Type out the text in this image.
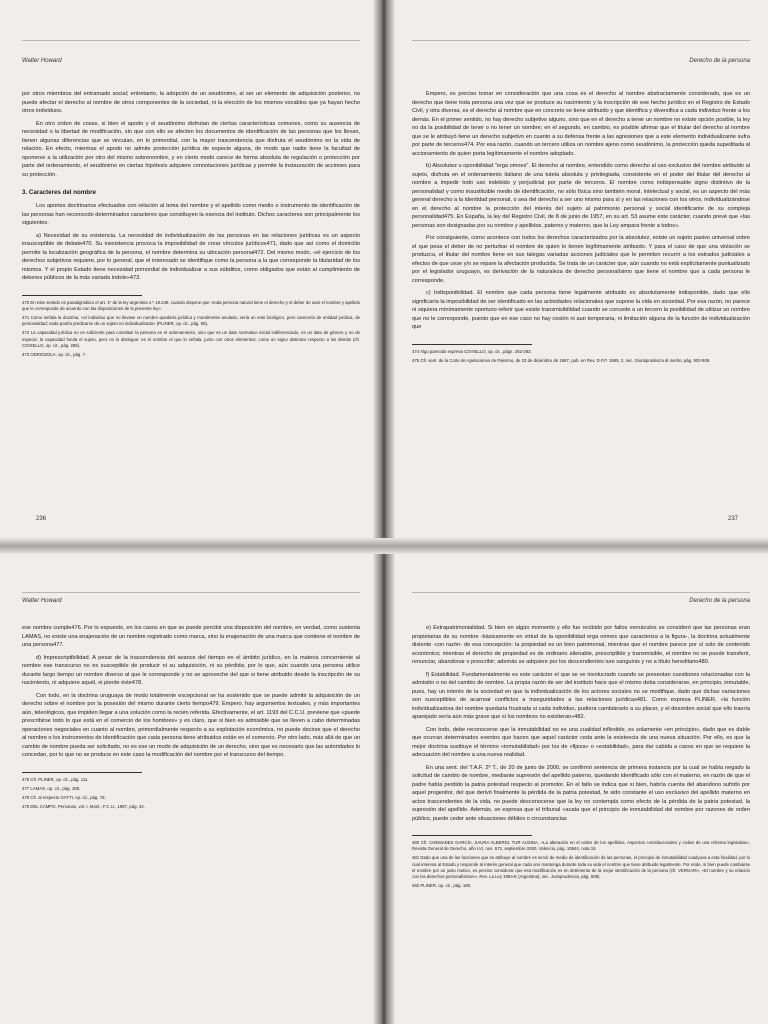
Walter Howard

por otros miembros del entramado social; entretanto, la adopción de un seudónimo, al ser un elemento de adquisición posterior, no puede afectar el derecho al nombre de otros componentes de la sociedad, ni la elección de los mismos vocablos que ya hayan hecho otros individuos.

En otro orden de cosas, si bien el apodo y el seudónimo disfrutan de ciertas características comunes, como su ausencia de necesidad o la libertad de modificación, sin que con ello se afecten los documentos de identificación de las personas que los llevan, tienen algunas diferencias que se vinculan, en lo primordial, con la mayor trascendencia que disfruta el seudónimo en la vida de relación. En efecto, mientras el apodo no admite protección jurídica de especie alguna, de modo que nadie tiene la facultad de oponerse a la utilización por otro del mismo sobrenombre, y en cierto modo carece de forma absoluta de regulación o protección por parte del ordenamiento, el seudónimo en ciertas hipótesis adquiere connotaciones jurídicas y permite la instauración de acciones para su protección.

3. Caracteres del nombre

Los aportes doctrinarios efectuados con relación al tema del nombre y el apellido como medio o instrumento de identificación de las personas han reconocido determinados caracteres que constituyen la esencia del instituto. Dichos caracteres son principalmente los siguientes:

a) Necesidad de su existencia. La necesidad de individualización de las personas en las relaciones jurídicas es un aspecto insusceptible de debate470. Su inexistencia provoca la imposibilidad de crear vínculos jurídicos471, dado que así como el domicilio permite la localización geográfica de la persona, el nombre determina su ubicación personal472. Del mismo modo, «el ejercicio de los derechos subjetivos requiere, por lo general, que el interesado se identifique como la persona a la que corresponde la titularidad de los mismos. Y el propio Estado tiene necesidad primordial de individualizar a sus súbditos, como obligados que están al cumplimiento de deberes públicos de la más variada índole»473.

470 En este sentido es paradigmático el art. 1º de la ley argentina n.º 18.248, cuando dispone que «toda persona natural tiene el derecho y el deber de usar el nombre y apellido que le corresponde de acuerdo con las disposiciones de la presente ley».

471 Como señala la doctrina, «el individuo que no llevase un nombre quedaría jurídica y moralmente anulado; sería un ente biológico, pero carecería de entidad jurídica, de personalidad; nada podría predicarse de un sujeto no individualizado» (PLINER, op. cit., pág. 98).

472 La capacidad jurídica no es suficiente para constituir la persona en el ordenamiento, sino que es un dato normativo inicial indiferenciado, es un dato de género y no de especie; la capacidad funda el sujeto, pero no lo distingue: es el nombre el que lo señala, junto con otros elementos, como un signo distintivo respecto a los demás (cfr. COVIELLO, op. cit., pág. 285).

473 ODRIOZOLA, op. cit., pág. 7.

236
Derecho de la persona

Empero, es preciso tomar en consideración que una cosa es el derecho al nombre abstractamente considerado, que es un derecho que tiene toda persona una vez que se produce su nacimiento y la inscripción de ese hecho jurídico en el Registro de Estado Civil, y otra diversa, es el derecho al nombre que en concreto se tiene atribuido y que identifica y diversifica a cada individuo frente a los demás. En el primer sentido, no hay derecho subjetivo alguno, sino que en el derecho a tener un nombre no existe opción posible, la ley no da la posibilidad de tener o no tener un nombre; en el segundo, en cambio, es posible afirmar que el titular del derecho al nombre que se le atribuyó tiene un derecho subjetivo en cuanto a su defensa frente a las agresiones que a este elemento individualizante sufra por parte de terceros474. Por esa razón, cuando un tercero utiliza un nombre ajeno como seudónimo, la protección queda supeditada al accionamiento de quien porta legítimamente el nombre adoptado.

b) Absolutez u oponibilidad "erga omnes". El derecho al nombre, entendido como derecho al uso exclusivo del nombre atribuido al sujeto, disfruta en el ordenamiento italiano de una tutela absoluta y privilegiada, consistente en el poder del titular del derecho al nombre a impedir todo uso indebido y perjudicial por parte de terceros. El nombre como indispensable signo distintivo de la personalidad y como insustituible medio de identificación, no sólo física sino también moral, intelectual y social, es un aspecto del más general derecho a la identidad personal, o sea del derecho a ser uno mismo para sí y en las relaciones con los otros, individualizándose en el derecho al nombre la protección del interés del sujeto al patrimonio personal y social identificante de su compleja personalidad475. En España, la ley del Registro Civil, de 8 de junio de 1957, en su art. 53 asume este carácter, cuando prevé que «las personas son designadas por su nombre y apellidos, paterno y materno, que la Ley ampara frente a todos».

Por consiguiente, como acontece con todos los derechos caracterizados por la absolutez, existe un sujeto pasivo universal sobre el que pesa el deber de no perturbar el nombre de quien lo tienen legítimamente atribuido. Y para el caso de que una violación se produzca, el titular del nombre tiene en sus talegas variadas acciones judiciales que le permiten recurrir a los estrados judiciales a efectos de que cese y/o se repare la afectación producida. Se trata de un carácter que, aún cuando no está explícitamente puntualizado por el legislador uruguayo, es derivación de la naturaleza de derecho personalísimo que tiene el nombre que a cada persona le corresponde.

c) Indisponibilidad. El nombre que cada persona tiene legalmente atribuido es absolutamente indisponible, dado que ello significaría la imposibilidad de ser identificado en las actividades relacionales que supone la vida en sociedad. Por esa razón, no parece ni siquiera mínimamente oportuno referir que existe transmisibilidad cuando se concede a un tercero la posibilidad de utilizar un nombre que no le corresponde, puesto que en ese caso no hay cesión ni aun temporaria, ni limitación alguna de la función de individualización que

474 Algo parecido expresa COVIELLO, op. cit., págs. 282-283.

475 Cfr. sent. de la Corte de Apelaciones de Palermo, de 23 de diciembre de 1987, pub. en Rev. D.F.P. 1989, 2, sec. Giurisprudenza di merito, pág. 902-909.

237
Walter Howard

ese nombre cumple476. Por lo expuesto, en los casos en que se puede percibir una disposición del nombre, en verdad, como sustenta LAMAS, no existe una enajenación de un nombre registrado como marca, sino la enajenación de una marca que contiene el nombre de una persona477.

d) Imprescriptibilidad. A pesar de la trascendencia del avance del tiempo en el ámbito jurídico, en la materia concerniente al nombre ese transcurso no es susceptible de producir ni su adquisición, ni su pérdida; por lo que, aún cuando una persona utilice durante largo tiempo un nombre diverso al que le corresponde y no se aproveche del que si tiene atribuido desde la inscripción de su nacimiento, ni adquiere aquél, ni pierde éste478.

Con todo, en la doctrina uruguaya de modo totalmente excepcional se ha sostenido que se puede admitir la adquisición de un derecho sobre el nombre por la posesión del mismo durante cierto tiempo479. Empero, hay argumentos textuales, y más importantes aún, teleológicos, que impiden llegar a una solución como la recién referida. Efectivamente, el art. 1193 del C.C.U. previene que «puede prescribirse todo lo que está en el comercio de los hombres» y es claro, que si bien es admisible que se lleven a cabo determinadas operaciones negociales en cuanto al nombre, primordialmente respecto a su explotación económica, no puede decirse que el derecho al nombre o los instrumentos de identificación que cada persona tiene atribuidos están en el comercio. Por otro lado, más allá de que un cambio de nombre pueda ser solicitado, no es ese un modo de adquisición de un derecho, sino que es necesario que las autoridades lo concedan, por lo que no se produce en este caso la modificación del nombre por el transcurso del tiempo.

476 Cfr. PLINER, op. cit., pág. 111.

477 LAMAS, op. cit., pág. 189.

478 Cfr. al respecto GATTI, op. cit., pág. 78.

479 DEL CAMPO, Personas, vol. I, Mont., F.C.U., 1987, pág. 34.

Derecho de la persona

e) Extrapatrimonialidad. Si bien en algún momento y ello fue recibido por fallos vernáculos se consideró que las personas eran propietarias de su nombre -básicamente en virtud de la oponibilidad erga omnes que caracteriza a la figura-, la doctrina actualmente disiente -con razón- de esa concepción: la propiedad es un bien patrimonial, mientras que el nombre parece por sí solo de contenido económico; mientras el derecho de propiedad es de ordinario alienable, prescriptible y transmisible, el nombre no se puede transferir, renunciar, abandonar o prescribir; además se adquiere por los descendientes iure sanguinis y no a título hereditario480.

f) Estabilidad. Fundamentalmente es este carácter el que se ve involucrado cuando se presentan cuestiones relacionadas con la admisión o no del cambio de nombre. La propia razón de ser del instituto hace que el mismo deba considerarse, en principio, inmutable, pues, hay un interés de la sociedad en que la individualización de los actores sociales no se modifique, dado que dichas variaciones son susceptibles de acarrear conflictos a inseguridades a las relaciones jurídicas481. Como expresa PLINER, «la función individualizadora del nombre quedaría frustrada si cada individuo, pudiera cambiárselo a su placer, y el desorden social que ello traería aparejado sería aún más grave que si los nombres no existieran»482.

Con todo, debe reconocerse que la inmutabilidad no es una cualidad inflexible, es solamente «en principio», dado que es dable que ocurran determinados eventos que hacen que aquel carácter ceda ante la existencia de una nueva situación. Por ello, es que la mejor doctrina sustituye el término «inmutabilidad» por los de «fijeza» o «estabilidad», para dar cabida a casos en que se requiere la adecuación del nombre a una nueva realidad.

En una sent. del T.A.F. 2º T., de 20 de junio de 2000, se confirmó sentencia de primera instancia por la cual se había negado la solicitud de cambio de nombre, mediante supresión del apellido paterno, quedando identificado sólo con el materno, en razón de que el padre había perdido la patria potestad respecto al promotor. En el fallo se indica que si bien, habría cuenta del abandono sufrido por aquel progenitor, del que derivó finalmente la pérdida de la patria potestad, fe sido constante el uso exclusivo del apellido materno en actos trascendentes de la vida, no puede desconocerse que la ley no contempla como efecto de la pérdida de la patria potestad, la supresión del apellido. Además, se expresa que el tribunal «acata que el principio de inmutabilidad del nombre por razones de orden público, puede ceder ante situaciones débiles o circunstancias

480 Cfr. CHEMADES GARCÍA, SAURA ALBERDI, TUR AUSINA, «La alteración en el orden de los apellidos. Aspectos constitucionales y civiles de una reforma legislativa», Revista General de Derecho, año LVI, nos. 672, septiembre 2000, Valencia, pág. 10844, nota 18.

481 Dado que una de las funciones que se atribuye al nombre es servir de medio de identificación de las personas, el principio de inmutabilidad coadyuva a esta finalidad, por lo cual interesa al Estado y responde al interés general que cada uno mantenga durante toda su vida el nombre que tiene atribuido legalmente. Por ende, si bien puede cambiarse el nombre por un justo motivo, es preciso considerar que esa modificación es en detrimento de la mejor identificación de la persona (cfr. VERGARA, «El nombre y su relación con los derechos personalísimos», Rev. La Ley 1994-E (Argentina), sec. Jurisprudencia, pág. 608).

482 PLINER, op. cit., pág. 180.
